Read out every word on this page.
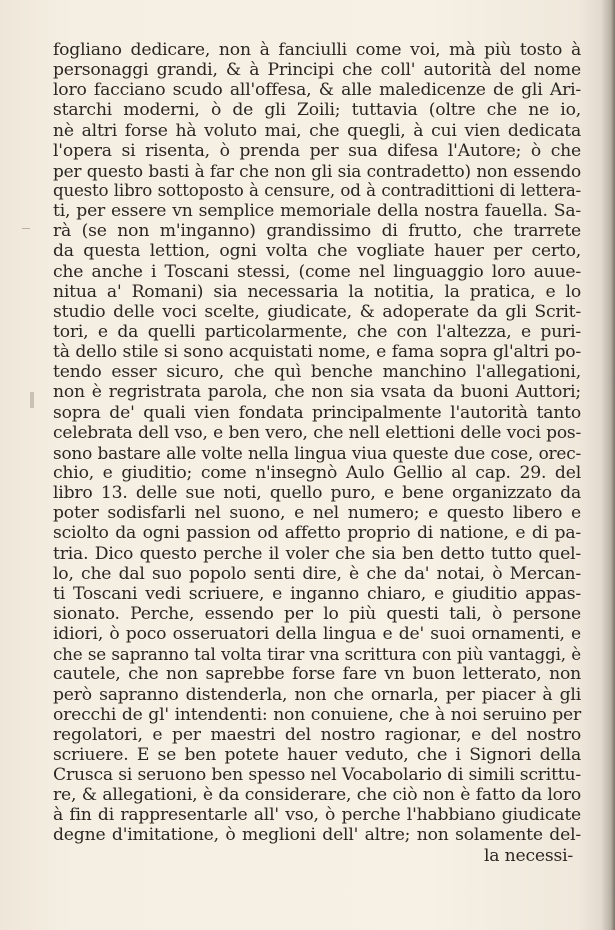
fogliano dedicare, non à fanciulli come voi, mà più tosto à
personaggi grandi, & à Principi che coll' autorità del nome
loro facciano scudo all'offesa, & alle maledicenze de gli Ari-
starchi moderni, ò de gli Zoili; tuttavia (oltre che ne io,
nè altri forse hà voluto mai, che quegli, à cui vien dedicata
l'opera si risenta, ò prenda per sua difesa l'Autore; ò che
per questo basti à far che non gli sia contradetto) non essendo
questo libro sottoposto à censure, od à contradittioni di lettera-
ti, per essere vn semplice memoriale della nostra fauella. Sa-
rà (se non m'inganno) grandissimo di frutto, che trarrete
da questa lettion, ogni volta che vogliate hauer per certo,
che anche i Toscani stessi, (come nel linguaggio loro auue-
nitua a' Romani) sia necessaria la notitia, la pratica, e lo
studio delle voci scelte, giudicate, & adoperate da gli Scrit-
tori, e da quelli particolarmente, che con l'altezza, e puri-
tà dello stile si sono acquistati nome, e fama sopra gl'altri po-
tendo esser sicuro, che quì benche manchino l'allegationi,
non è regristrata parola, che non sia vsata da buoni Auttori;
sopra de' quali vien fondata principalmente l'autorità tanto
celebrata dell vso, e ben vero, che nell elettioni delle voci pos-
sono bastare alle volte nella lingua viua queste due cose, orec-
chio, e giuditio; come n'insegnò Aulo Gellio al cap. 29. del
libro 13. delle sue noti, quello puro, e bene organizzato da
poter sodisfarli nel suono, e nel numero; e questo libero e
sciolto da ogni passion od affetto proprio di natione, e di pa-
tria. Dico questo perche il voler che sia ben detto tutto quel-
lo, che dal suo popolo senti dire, è che da' notai, ò Mercan-
ti Toscani vedi scriuere, e inganno chiaro, e giuditio appas-
sionato. Perche, essendo per lo più questi tali, ò persone
idiori, ò poco osseruatori della lingua e de' suoi ornamenti, e
che se sapranno tal volta tirar vna scrittura con più vantaggi, è
cautele, che non saprebbe forse fare vn buon letterato, non
però sapranno distenderla, non che ornarla, per piacer à gli
orecchi de gl' intendenti: non conuiene, che à noi seruino per
regolatori, e per maestri del nostro ragionar, e del nostro
scriuere. E se ben potete hauer veduto, che i Signori della
Crusca si seruono ben spesso nel Vocabolario di simili scrittu-
re, & allegationi, è da considerare, che ciò non è fatto da loro
à fin di rappresentarle all' vso, ò perche l'habbiano giudicate
degne d'imitatione, ò meglioni dell' altre; non solamente del-
la necessi-
